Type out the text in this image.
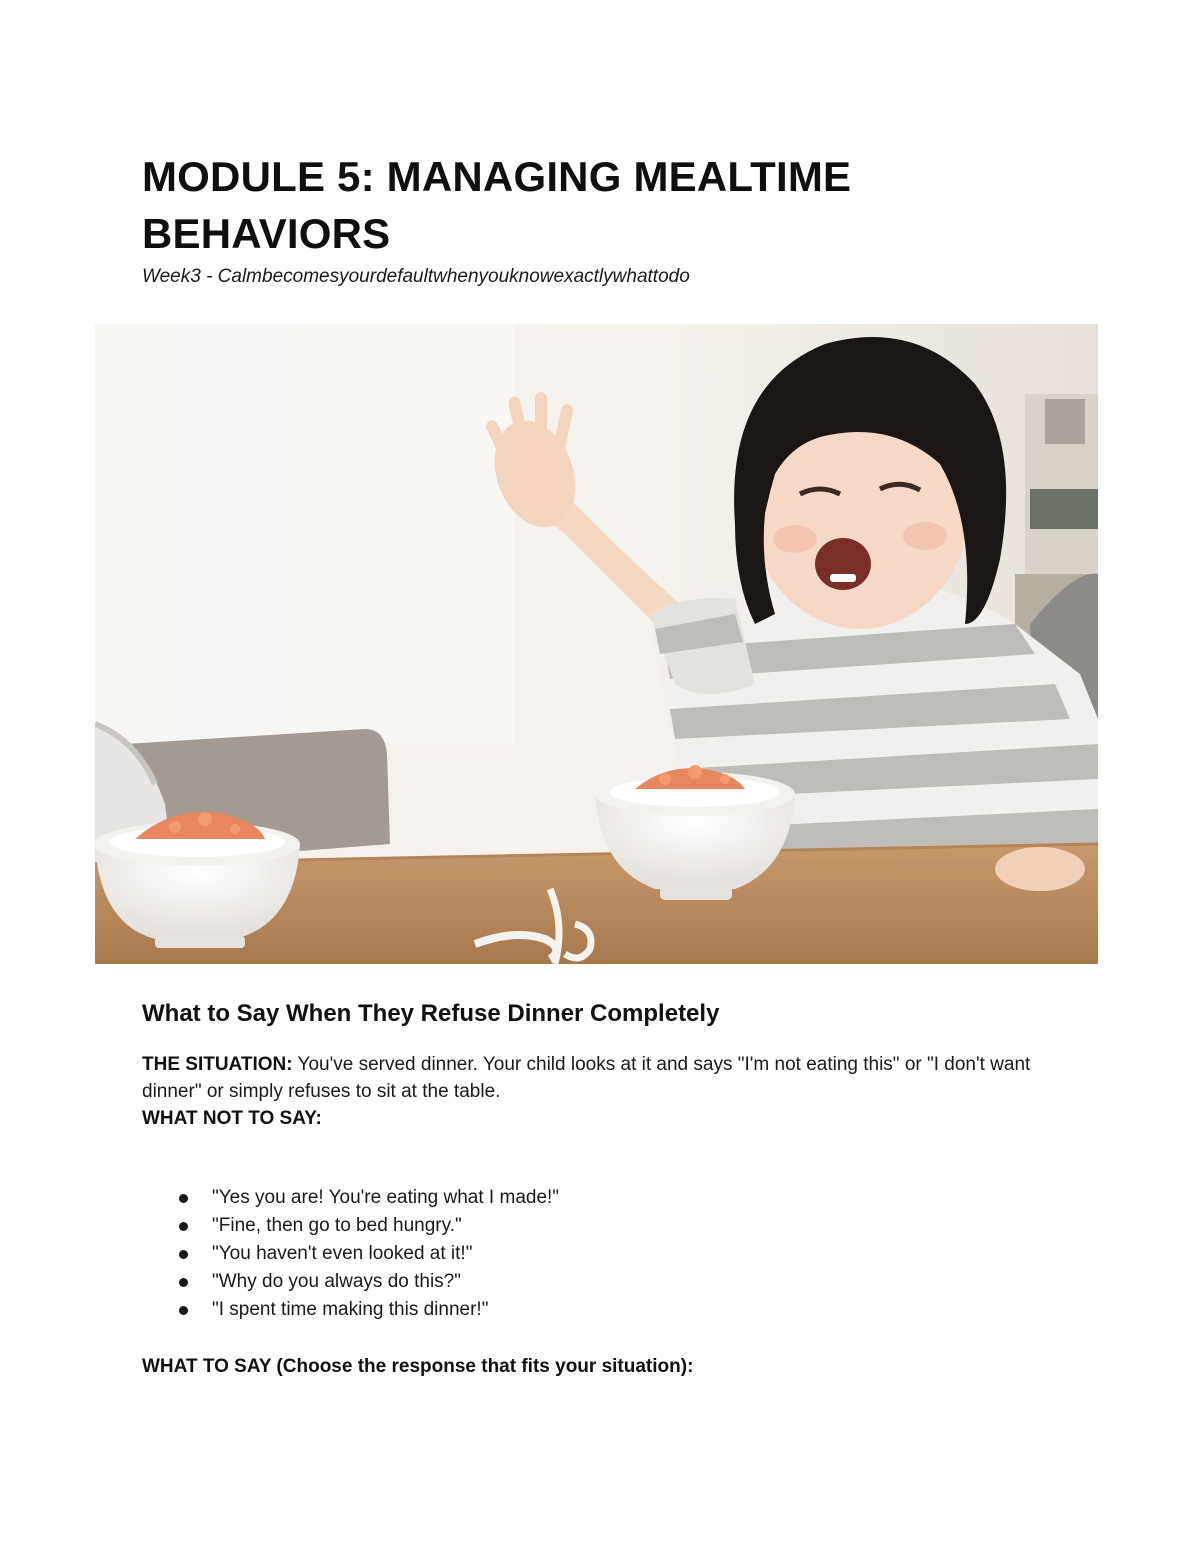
MODULE 5: MANAGING MEALTIME BEHAVIORS

Week3 - Calmbecomesyourdefaultwhenyouknowexactlywhattodo

What to Say When They Refuse Dinner Completely

THE SITUATION: You've served dinner. Your child looks at it and says "I'm not eating this" or "I don't want dinner" or simply refuses to sit at the table.
WHAT NOT TO SAY:

"Yes you are! You're eating what I made!"
"Fine, then go to bed hungry."
"You haven't even looked at it!"
"Why do you always do this?"
"I spent time making this dinner!"

WHAT TO SAY (Choose the response that fits your situation):
